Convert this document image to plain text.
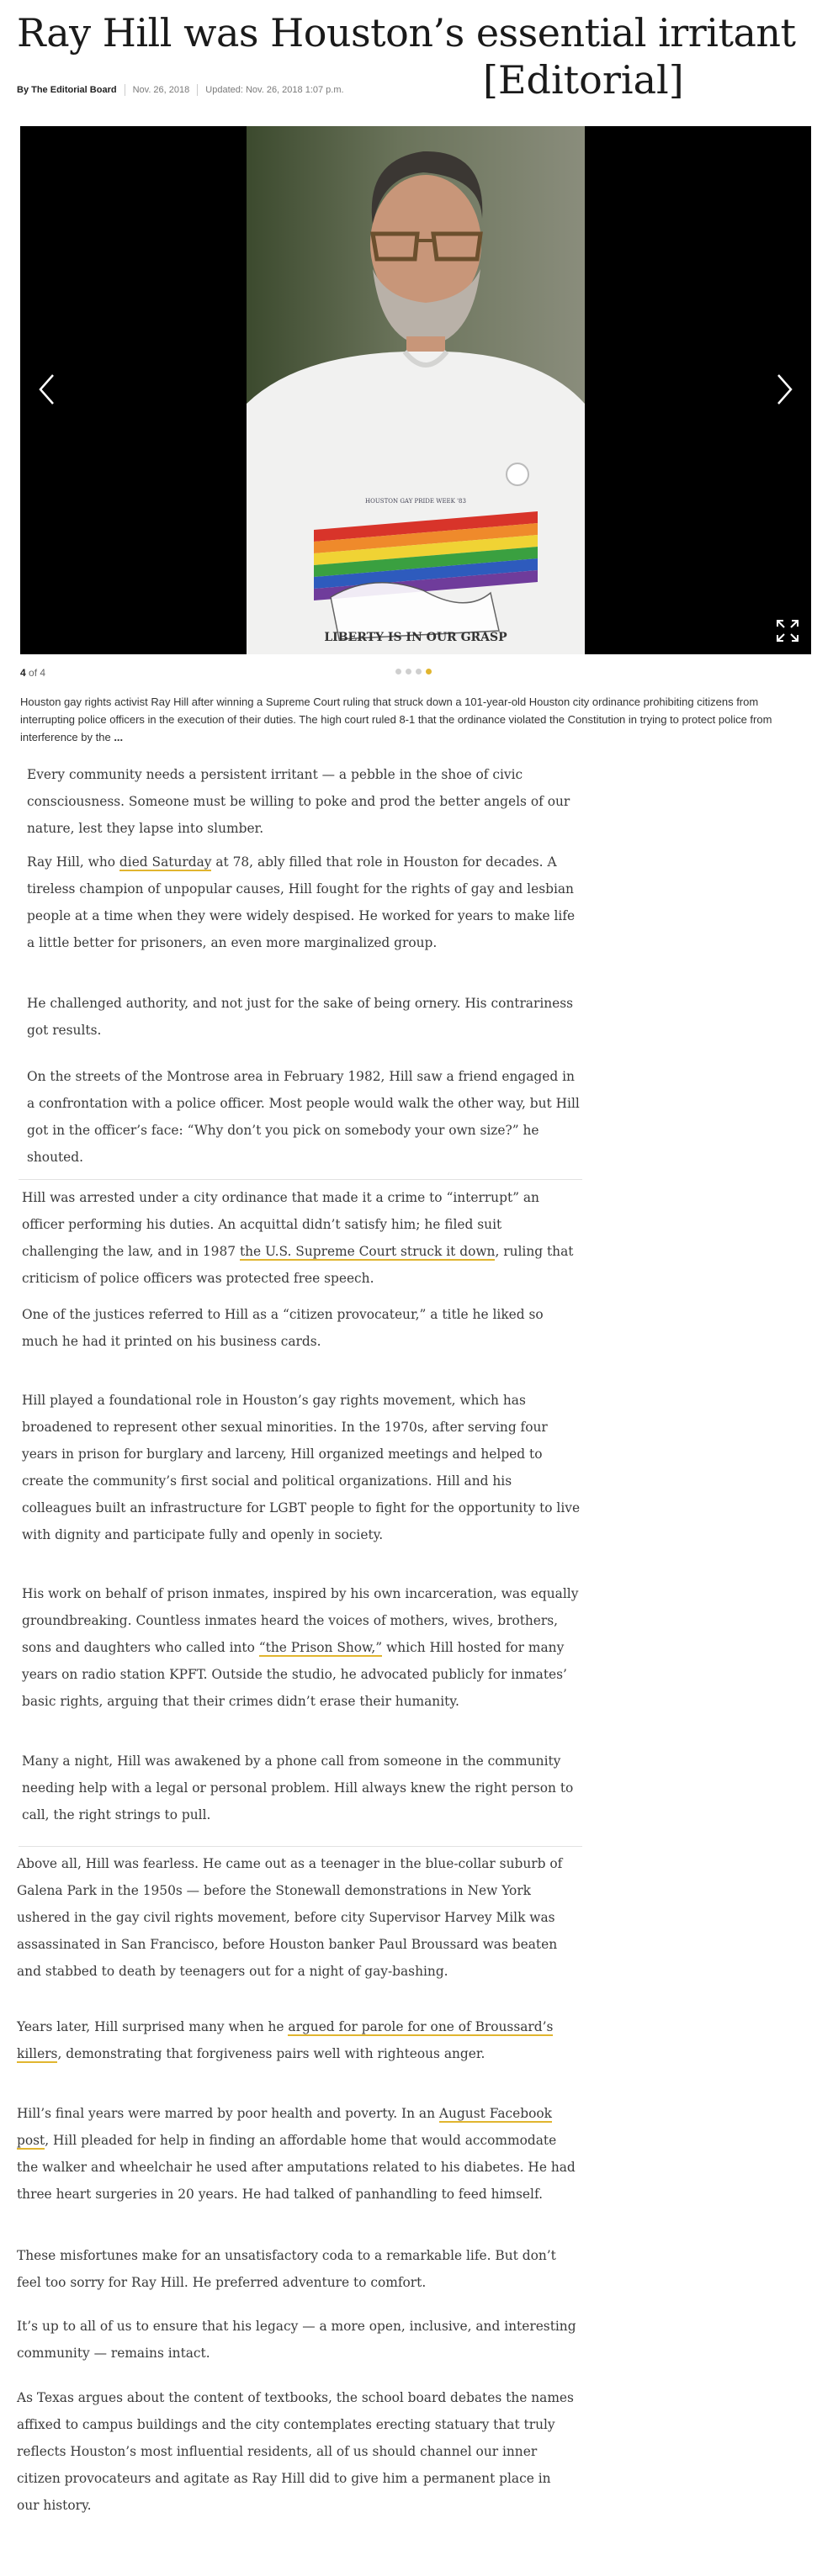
Ray Hill was Houston’s essential irritant
[Editorial]
By The Editorial Board Nov. 26, 2018 Updated: Nov. 26, 2018 1:07 p.m.
HOUSTON GAY PRIDE WEEK '83
LIBERTY IS IN OUR GRASP
4 of 4

Houston gay rights activist Ray Hill after winning a Supreme Court ruling that struck down a 101-year-old Houston city ordinance prohibiting citizens from interrupting police officers in the execution of their duties. The high court ruled 8-1 that the ordinance violated the Constitution in trying to protect police from interference by the ...

Every community needs a persistent irritant — a pebble in the shoe of civic consciousness. Someone must be willing to poke and prod the better angels of our nature, lest they lapse into slumber.

Ray Hill, who died Saturday at 78, ably filled that role in Houston for decades. A tireless champion of unpopular causes, Hill fought for the rights of gay and lesbian people at a time when they were widely despised. He worked for years to make life a little better for prisoners, an even more marginalized group.

He challenged authority, and not just for the sake of being ornery. His contrariness got results.

On the streets of the Montrose area in February 1982, Hill saw a friend engaged in a confrontation with a police officer. Most people would walk the other way, but Hill got in the officer’s face: “Why don’t you pick on somebody your own size?” he shouted.

Hill was arrested under a city ordinance that made it a crime to “interrupt” an officer performing his duties. An acquittal didn’t satisfy him; he filed suit challenging the law, and in 1987 the U.S. Supreme Court struck it down, ruling that criticism of police officers was protected free speech.

One of the justices referred to Hill as a “citizen provocateur,” a title he liked so much he had it printed on his business cards.

Hill played a foundational role in Houston’s gay rights movement, which has broadened to represent other sexual minorities. In the 1970s, after serving four years in prison for burglary and larceny, Hill organized meetings and helped to create the community’s first social and political organizations. Hill and his colleagues built an infrastructure for LGBT people to fight for the opportunity to live with dignity and participate fully and openly in society.

His work on behalf of prison inmates, inspired by his own incarceration, was equally groundbreaking. Countless inmates heard the voices of mothers, wives, brothers, sons and daughters who called into “the Prison Show,” which Hill hosted for many years on radio station KPFT. Outside the studio, he advocated publicly for inmates’ basic rights, arguing that their crimes didn’t erase their humanity.

Many a night, Hill was awakened by a phone call from someone in the community needing help with a legal or personal problem. Hill always knew the right person to call, the right strings to pull.

Above all, Hill was fearless. He came out as a teenager in the blue-collar suburb of Galena Park in the 1950s — before the Stonewall demonstrations in New York ushered in the gay civil rights movement, before city Supervisor Harvey Milk was assassinated in San Francisco, before Houston banker Paul Broussard was beaten and stabbed to death by teenagers out for a night of gay-bashing.

Years later, Hill surprised many when he argued for parole for one of Broussard’s killers, demonstrating that forgiveness pairs well with righteous anger.

Hill’s final years were marred by poor health and poverty. In an August Facebook post, Hill pleaded for help in finding an affordable home that would accommodate the walker and wheelchair he used after amputations related to his diabetes. He had three heart surgeries in 20 years. He had talked of panhandling to feed himself.

These misfortunes make for an unsatisfactory coda to a remarkable life. But don’t feel too sorry for Ray Hill. He preferred adventure to comfort.

It’s up to all of us to ensure that his legacy — a more open, inclusive, and interesting community — remains intact.

As Texas argues about the content of textbooks, the school board debates the names affixed to campus buildings and the city contemplates erecting statuary that truly reflects Houston’s most influential residents, all of us should channel our inner citizen provocateurs and agitate as Ray Hill did to give him a permanent place in our history.
